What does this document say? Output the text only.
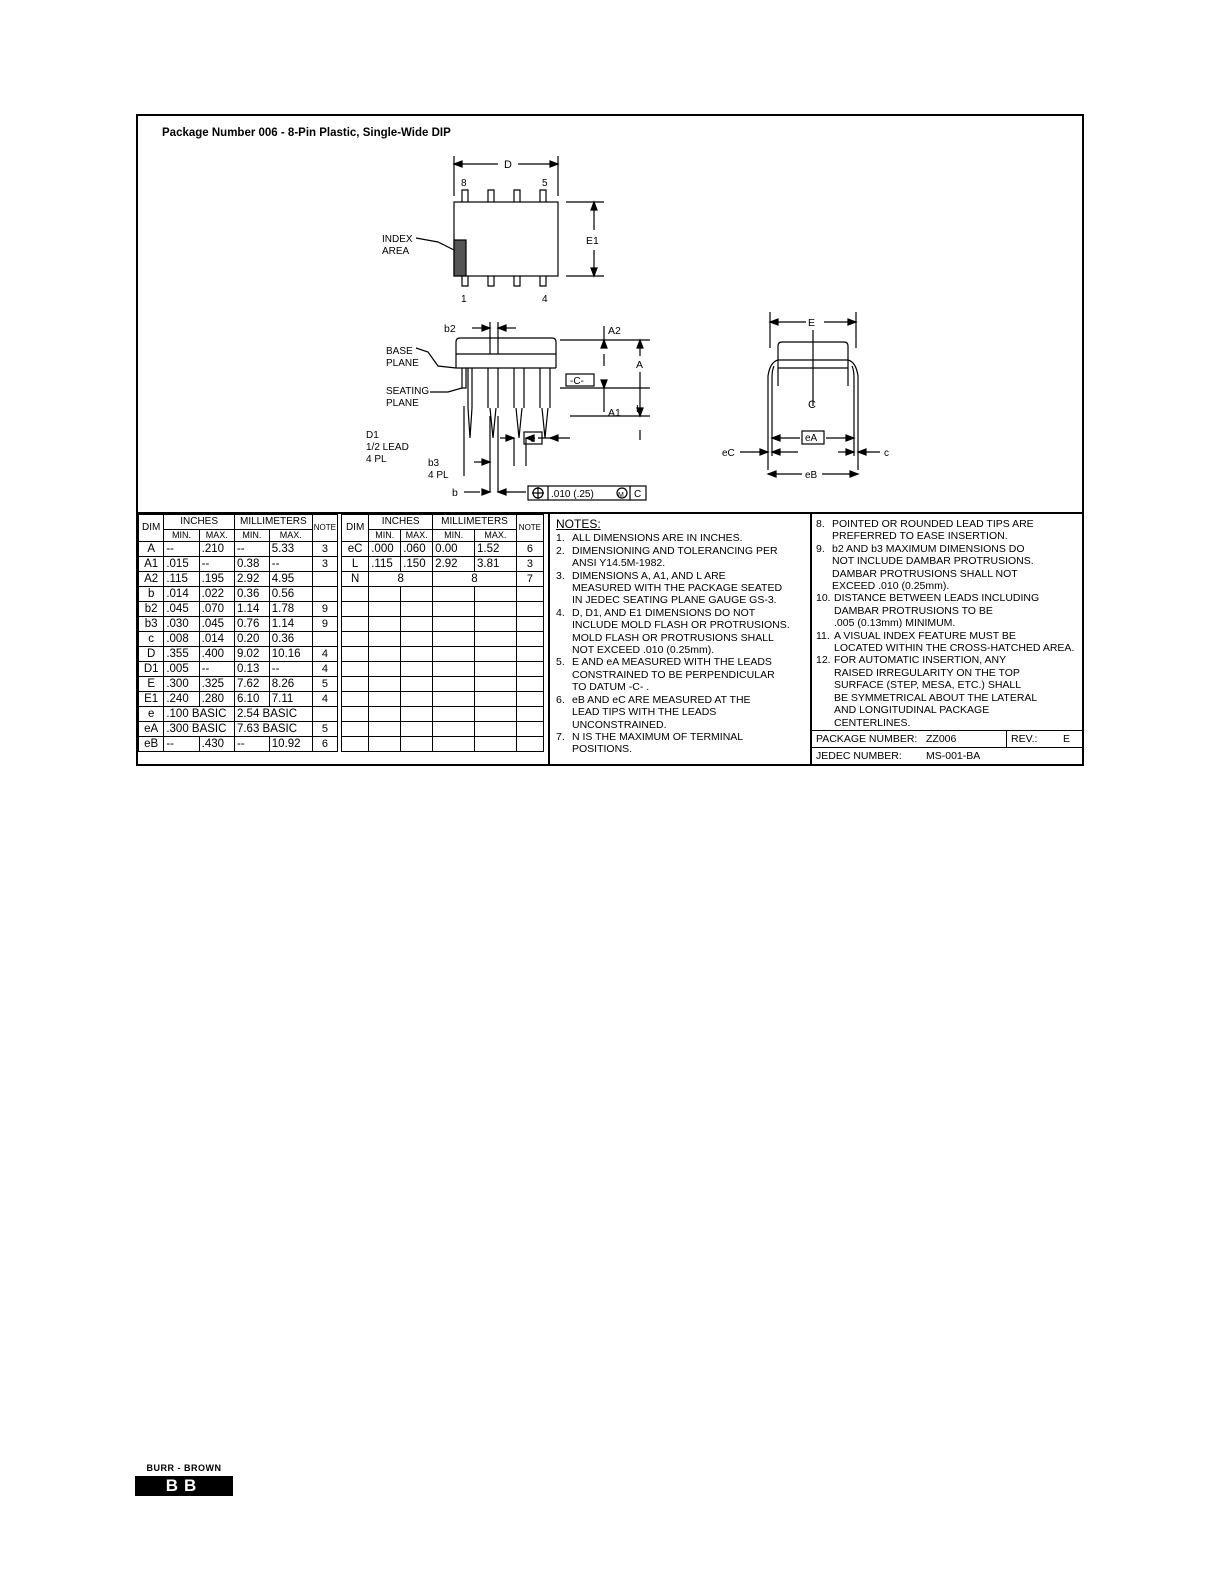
Package Number 006 - 8-Pin Plastic, Single-Wide DIP
D
8	5
1	4
E1
INDEX
AREA
b2	A2
A
BASE
PLANE
SEATING
PLANE
-C-
A1 L
D1
1/2 LEAD
4 PL	b3
4 PL
e
b	.010 (.25)	M C
E
C
eA
eC	c
eB
DIM	INCHES		MILLIMETERS		NOTE
	MIN.	MAX.	MIN.	MAX.	
A	--	.210	--	5.33	3
A1	.015	--	0.38	--	3
A2	.115	.195	2.92	4.95	
b	.014	.022	0.36	0.56	
b2	.045	.070	1.14	1.78	9
b3	.030	.045	0.76	1.14	9
c	.008	.014	0.20	0.36	
D	.355	.400	9.02	10.16	4
D1	.005	--	0.13	--	4
E	.300	.325	7.62	8.26	5
E1	.240	.280	6.10	7.11	4
e	.100 BASIC		2.54 BASIC		
eA	.300 BASIC		7.63 BASIC		5
eB	--	.430	--	10.92	6
DIM	INCHES		MILLIMETERS		NOTE
	MIN.	MAX.	MIN.	MAX.	
eC	.000	.060	0.00	1.52	6
L	.115	.150	2.92	3.81	3
N	8		8		7

NOTES:
1. ALL DIMENSIONS ARE IN INCHES.
2. DIMENSIONING AND TOLERANCING PER
ANSI Y14.5M-1982.
3. DIMENSIONS A, A1, AND L ARE
MEASURED WITH THE PACKAGE SEATED
IN JEDEC SEATING PLANE GAUGE GS-3.
4. D, D1, AND E1 DIMENSIONS DO NOT
INCLUDE MOLD FLASH OR PROTRUSIONS.
MOLD FLASH OR PROTRUSIONS SHALL
NOT EXCEED .010 (0.25mm).
5. E AND eA MEASURED WITH THE LEADS
CONSTRAINED TO BE PERPENDICULAR
TO DATUM -C- .
6. eB AND eC ARE MEASURED AT THE
LEAD TIPS WITH THE LEADS
UNCONSTRAINED.
7. N IS THE MAXIMUM OF TERMINAL
POSITIONS.
8. POINTED OR ROUNDED LEAD TIPS ARE
PREFERRED TO EASE INSERTION.
9. b2 AND b3 MAXIMUM DIMENSIONS DO
NOT INCLUDE DAMBAR PROTRUSIONS.
DAMBAR PROTRUSIONS SHALL NOT
EXCEED .010 (0.25mm).
10. DISTANCE BETWEEN LEADS INCLUDING
DAMBAR PROTRUSIONS TO BE
.005 (0.13mm) MINIMUM.
11. A VISUAL INDEX FEATURE MUST BE
LOCATED WITHIN THE CROSS-HATCHED AREA.
12. FOR AUTOMATIC INSERTION, ANY
RAISED IRREGULARITY ON THE TOP
SURFACE (STEP, MESA, ETC.) SHALL
BE SYMMETRICAL ABOUT THE LATERAL
AND LONGITUDINAL PACKAGE
CENTERLINES.
PACKAGE NUMBER: ZZ006	REV.:	E
JEDEC NUMBER:	MS-001-BA
BURR - BROWN
BB
